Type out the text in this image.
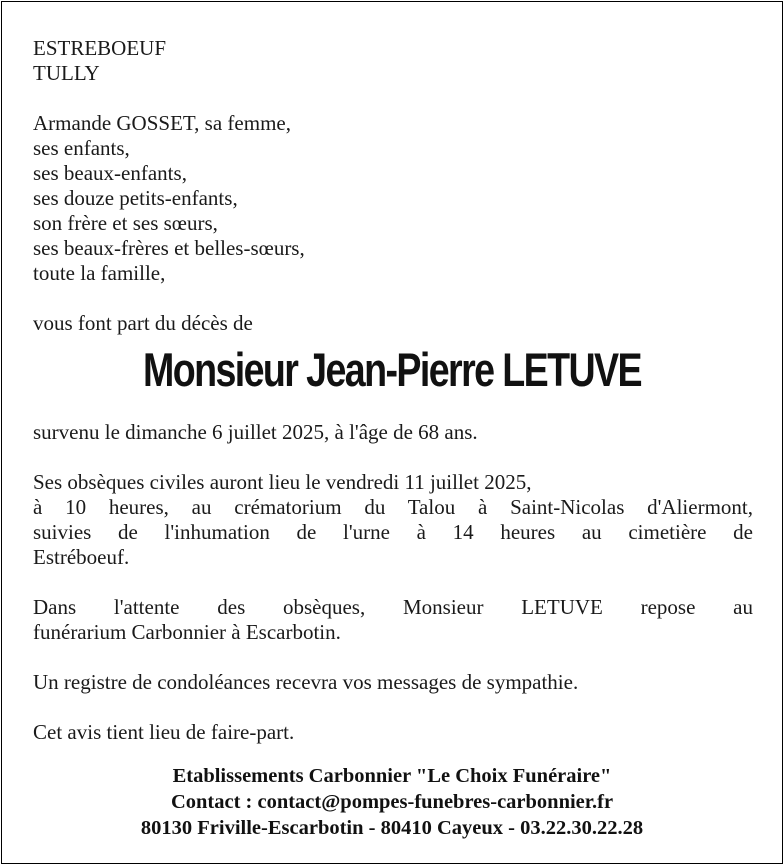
ESTREBOEUF
TULLY
Armande GOSSET, sa femme,
ses enfants,
ses beaux-enfants,
ses douze petits-enfants,
son frère et ses sœurs,
ses beaux-frères et belles-sœurs,
toute la famille,
vous font part du décès de
Monsieur Jean-Pierre LETUVE
survenu le dimanche 6 juillet 2025, à l'âge de 68 ans.
Ses obsèques civiles auront lieu le vendredi 11 juillet 2025,
à 10 heures, au crématorium du Talou à Saint-Nicolas d'Aliermont,
suivies de l'inhumation de l'urne à 14 heures au cimetière de
Estréboeuf.
Dans l'attente des obsèques, Monsieur LETUVE repose au
funérarium Carbonnier à Escarbotin.
Un registre de condoléances recevra vos messages de sympathie.
Cet avis tient lieu de faire-part.
Etablissements Carbonnier "Le Choix Funéraire"
Contact : contact@pompes-funebres-carbonnier.fr
80130 Friville-Escarbotin - 80410 Cayeux - 03.22.30.22.28
